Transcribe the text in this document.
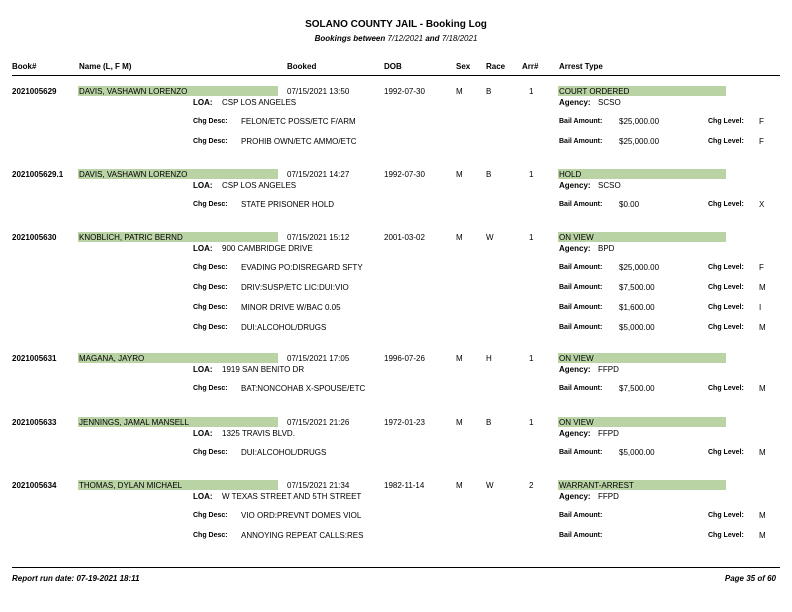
SOLANO COUNTY JAIL - Booking Log
Bookings between 7/12/2021 and 7/18/2021
Book#	Name (L, F M)	Booked	DOB	Sex Race Arr#	Arrest Type
2021005629	DAVIS, VASHAWN LORENZO	07/15/2021 13:50	1992-07-30	M	B	1	COURT ORDERED
LOA: CSP LOS ANGELES	Agency: SCSO
Chg Desc: FELON/ETC POSS/ETC F/ARM	Bail Amount: $25,000.00	Chg Level: F
Chg Desc: PROHIB OWN/ETC AMMO/ETC	Bail Amount: $25,000.00	Chg Level: F
2021005629.1 DAVIS, VASHAWN LORENZO	07/15/2021 14:27	1992-07-30	M	B	1	HOLD
LOA: CSP LOS ANGELES	Agency: SCSO
Chg Desc: STATE PRISONER HOLD	Bail Amount: $0.00	Chg Level: X
2021005630	KNOBLICH, PATRIC BERND	07/15/2021 15:12	2001-03-02	M	W	1	ON VIEW
LOA: 900 CAMBRIDGE DRIVE	Agency: BPD
Chg Desc: EVADING PO:DISREGARD SFTY	Bail Amount: $25,000.00	Chg Level: F
Chg Desc: DRIV:SUSP/ETC LIC:DUI:VIO	Bail Amount: $7,500.00	Chg Level: M
Chg Desc: MINOR DRIVE W/BAC 0.05	Bail Amount: $1,600.00	Chg Level: I
Chg Desc: DUI:ALCOHOL/DRUGS	Bail Amount: $5,000.00	Chg Level: M
2021005631	MAGANA, JAYRO	07/15/2021 17:05	1996-07-26	M	H	1	ON VIEW
LOA: 1919 SAN BENITO DR	Agency: FFPD
Chg Desc: BAT:NONCOHAB X-SPOUSE/ETC	Bail Amount: $7,500.00	Chg Level: M
2021005633	JENNINGS, JAMAL MANSELL	07/15/2021 21:26	1972-01-23	M	B	1	ON VIEW
LOA: 1325 TRAVIS BLVD.	Agency: FFPD
Chg Desc: DUI:ALCOHOL/DRUGS	Bail Amount: $5,000.00	Chg Level: M
2021005634	THOMAS, DYLAN MICHAEL	07/15/2021 21:34	1982-11-14	M	W	2	WARRANT-ARREST
LOA: W TEXAS STREET AND 5TH STREET	Agency: FFPD
Chg Desc: VIO ORD:PREVNT DOMES VIOL	Bail Amount:	Chg Level: M
Chg Desc: ANNOYING REPEAT CALLS:RES	Bail Amount:	Chg Level: M
Report run date: 07-19-2021 18:11	Page 35 of 60
